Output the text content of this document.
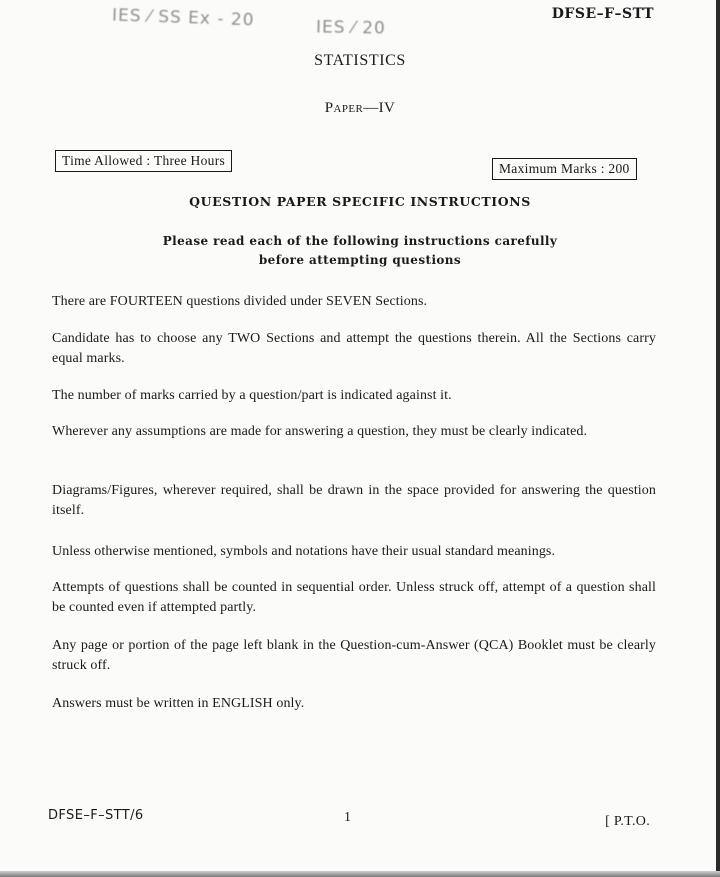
IES ⁄ SS Ex - 20	IES ⁄ 20
DFSE–F–STT
STATISTICS
Paper—IV
Time Allowed : Three Hours
Maximum Marks : 200
QUESTION PAPER SPECIFIC INSTRUCTIONS
Please read each of the following instructions carefully
before attempting questions

There are FOURTEEN questions divided under SEVEN Sections.

Candidate has to choose any TWO Sections and attempt the questions therein. All the Sections carry equal marks.

The number of marks carried by a question/part is indicated against it.

Wherever any assumptions are made for answering a question, they must be clearly indicated.

Diagrams/Figures, wherever required, shall be drawn in the space provided for answering the question itself.

Unless otherwise mentioned, symbols and notations have their usual standard meanings.

Attempts of questions shall be counted in sequential order. Unless struck off, attempt of a question shall be counted even if attempted partly.

Any page or portion of the page left blank in the Question-cum-Answer (QCA) Booklet must be clearly struck off.

Answers must be written in ENGLISH only.

DFSE–F–STT/6	1	[ P.T.O.
